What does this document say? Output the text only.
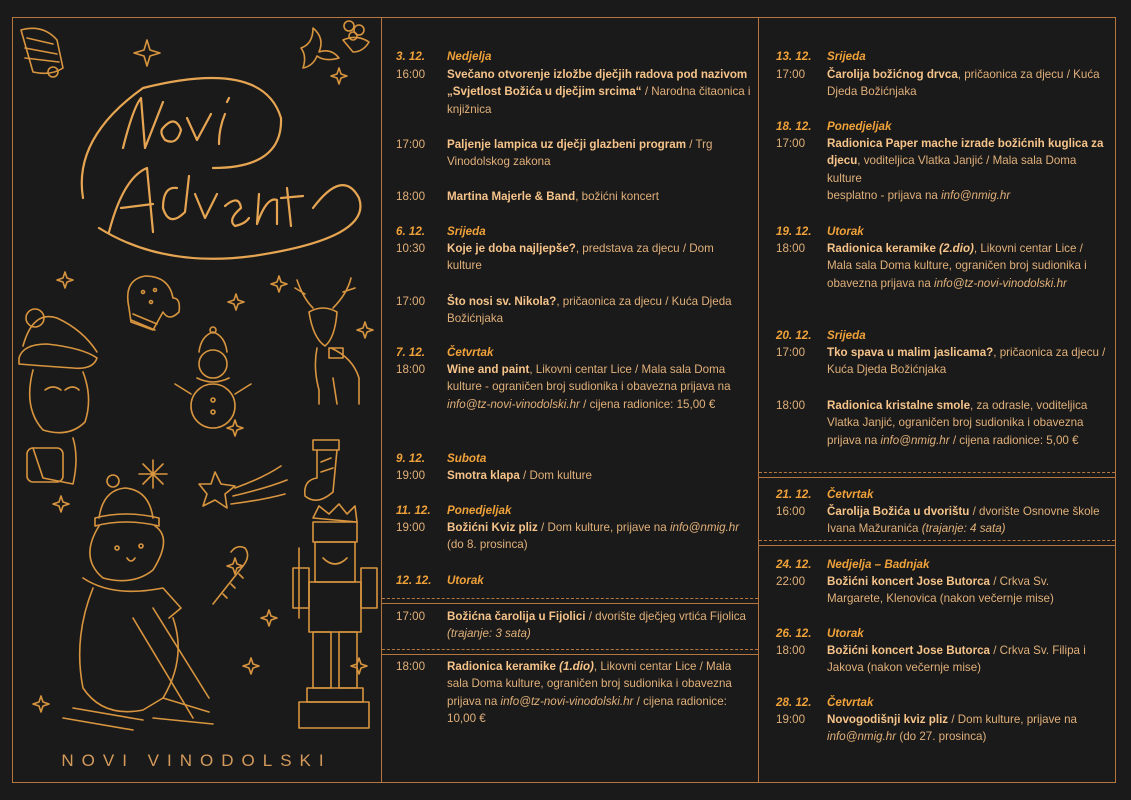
NOVI VINODOLSKI
3. 12.	Nedjelja
16:00	Svečano otvorenje izložbe dječjih radova pod nazivom „Svjetlost Božića u dječjim srcima“ / Narodna čitaonica i knjižnica
17:00	Paljenje lampica uz dječji glazbeni program / Trg Vinodolskog zakona
18:00	Martina Majerle & Band, božićni koncert
6. 12.	Srijeda
10:30	Koje je doba najljepše?, predstava za djecu / Dom kulture
17:00	Što nosi sv. Nikola?, pričaonica za djecu / Kuća Djeda Božićnjaka
7. 12.	Četvrtak
18:00	Wine and paint, Likovni centar Lice / Mala sala Doma kulture - ograničen broj sudionika i obavezna prijava na info@tz-novi-vinodolski.hr / cijena radionice: 15,00 €
9. 12.	Subota
19:00	Smotra klapa / Dom kulture
11. 12.	Ponedjeljak
19:00	Božićni Kviz pliz / Dom kulture, prijave na info@nmig.hr (do 8. prosinca)
12. 12.	Utorak
17:00	Božićna čarolija u Fijolici / dvorište dječjeg vrtića Fijolica (trajanje: 3 sata)
18:00	Radionica keramike (1.dio), Likovni centar Lice / Mala sala Doma kulture, ograničen broj sudionika i obavezna prijava na info@tz-novi-vinodolski.hr / cijena radionice: 10,00 €
13. 12.	Srijeda
17:00	Čarolija božićnog drvca, pričaonica za djecu / Kuća Djeda Božićnjaka
18. 12.	Ponedjeljak
17:00	Radionica Paper mache izrade božićnih kuglica za djecu, voditeljica Vlatka Janjić / Mala sala Doma kulture
besplatno - prijava na info@nmig.hr
19. 12.	Utorak
18:00	Radionica keramike (2.dio), Likovni centar Lice / Mala sala Doma kulture, ograničen broj sudionika i obavezna prijava na info@tz-novi-vinodolski.hr
20. 12.	Srijeda
17:00	Tko spava u malim jaslicama?, pričaonica za djecu / Kuća Djeda Božićnjaka
18:00	Radionica kristalne smole, za odrasle, voditeljica Vlatka Janjić, ograničen broj sudionika i obavezna prijava na info@nmig.hr / cijena radionice: 5,00 €
21. 12.	Četvrtak
16:00	Čarolija Božića u dvorištu / dvorište Osnovne škole Ivana Mažuranića (trajanje: 4 sata)
24. 12.	Nedjelja – Badnjak
22:00	Božićni koncert Jose Butorca / Crkva Sv. Margarete, Klenovica (nakon večernje mise)
26. 12.	Utorak
18:00	Božićni koncert Jose Butorca / Crkva Sv. Filipa i Jakova (nakon večernje mise)
28. 12.	Četvrtak
19:00	Novogodišnji kviz pliz / Dom kulture, prijave na info@nmig.hr (do 27. prosinca)
